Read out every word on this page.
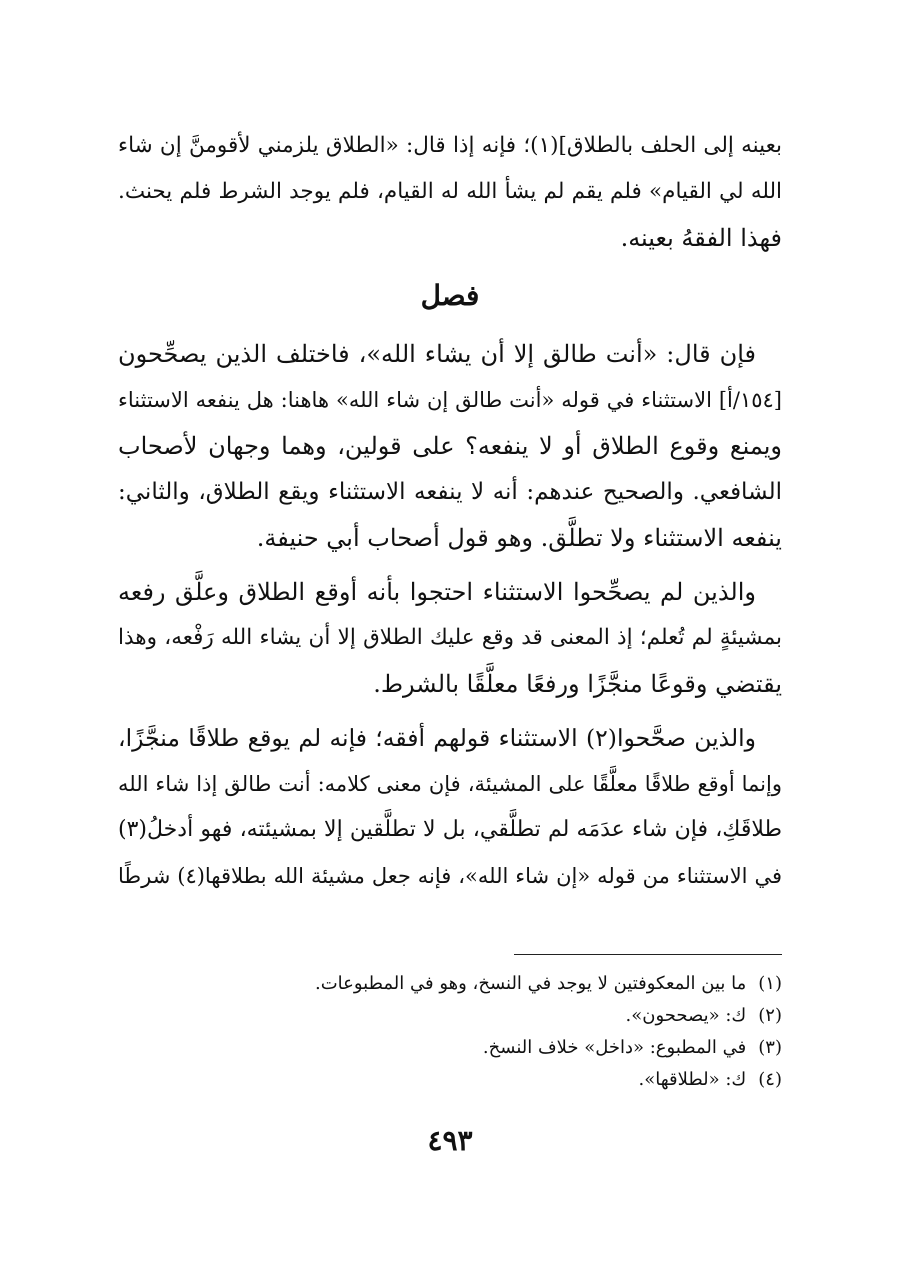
بعينه إلى الحلف بالطلاق](١)؛ فإنه إذا قال: «الطلاق يلزمني لأقومنَّ إن شاء
الله لي القيام» فلم يقم لم يشأ الله له القيام، فلم يوجد الشرط فلم يحنث.
فهذا الفقهُ بعينه.
فصل
فإن قال: «أنت طالق إلا أن يشاء الله»، فاختلف الذين يصحِّحون
[١٥٤/أ] الاستثناء في قوله «أنت طالق إن شاء الله» هاهنا: هل ينفعه الاستثناء
ويمنع وقوع الطلاق أو لا ينفعه؟ على قولين، وهما وجهان لأصحاب
الشافعي. والصحيح عندهم: أنه لا ينفعه الاستثناء ويقع الطلاق، والثاني:
ينفعه الاستثناء ولا تطلَّق. وهو قول أصحاب أبي حنيفة.
والذين لم يصحِّحوا الاستثناء احتجوا بأنه أوقع الطلاق وعلَّق رفعه
بمشيئةٍ لم تُعلم؛ إذ المعنى قد وقع عليك الطلاق إلا أن يشاء الله رَفْعه، وهذا
يقتضي وقوعًا منجَّزًا ورفعًا معلَّقًا بالشرط.
والذين صحَّحوا(٢) الاستثناء قولهم أفقه؛ فإنه لم يوقع طلاقًا منجَّزًا،
وإنما أوقع طلاقًا معلَّقًا على المشيئة، فإن معنى كلامه: أنت طالق إذا شاء الله
طلاقَكِ، فإن شاء عدَمَه لم تطلَّقي، بل لا تطلَّقين إلا بمشيئته، فهو أدخلُ(٣)
في الاستثناء من قوله «إن شاء الله»، فإنه جعل مشيئة الله بطلاقها(٤) شرطًا
(١)
ما بين المعكوفتين لا يوجد في النسخ، وهو في المطبوعات.
(٢)
ك: «يصححون».
(٣)
في المطبوع: «داخل» خلاف النسخ.
(٤)
ك: «لطلاقها».
٤٩٣
